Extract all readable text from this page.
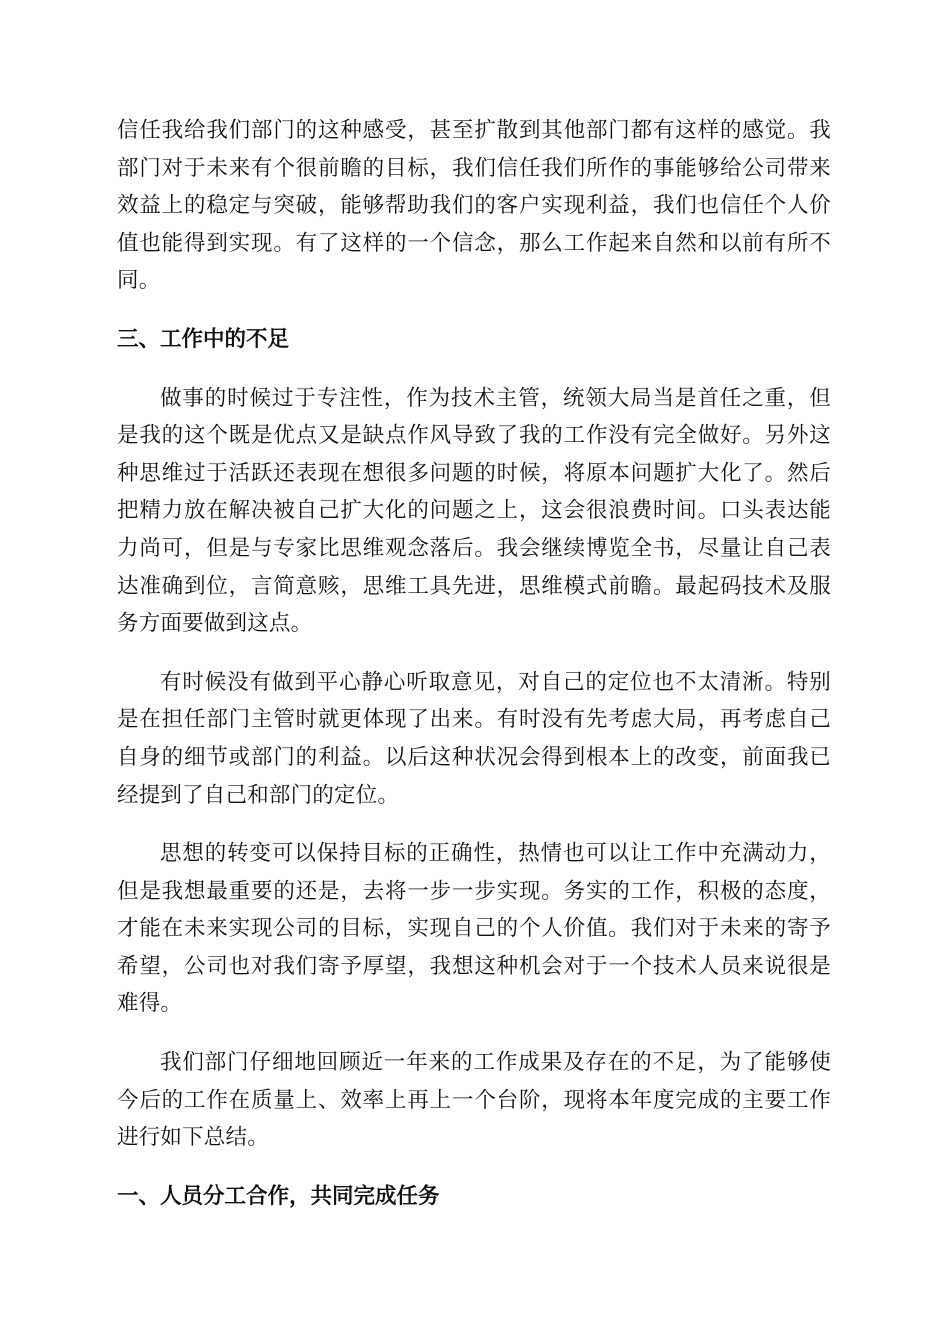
信任我给我们部门的这种感受，甚至扩散到其他部门都有这样的感觉。我部门对于未来有个很前瞻的目标，我们信任我们所作的事能够给公司带来效益上的稳定与突破，能够帮助我们的客户实现利益，我们也信任个人价值也能得到实现。有了这样的一个信念，那么工作起来自然和以前有所不同。

三、工作中的不足

做事的时候过于专注性，作为技术主管，统领大局当是首任之重，但是我的这个既是优点又是缺点作风导致了我的工作没有完全做好。另外这种思维过于活跃还表现在想很多问题的时候，将原本问题扩大化了。然后把精力放在解决被自己扩大化的问题之上，这会很浪费时间。口头表达能力尚可，但是与专家比思维观念落后。我会继续博览全书，尽量让自己表达准确到位，言简意赅，思维工具先进，思维模式前瞻。最起码技术及服务方面要做到这点。

有时候没有做到平心静心听取意见，对自己的定位也不太清淅。特别是在担任部门主管时就更体现了出来。有时没有先考虑大局，再考虑自己自身的细节或部门的利益。以后这种状况会得到根本上的改变，前面我已经提到了自己和部门的定位。

思想的转变可以保持目标的正确性，热情也可以让工作中充满动力，但是我想最重要的还是，去将一步一步实现。务实的工作，积极的态度，才能在未来实现公司的目标，实现自己的个人价值。我们对于未来的寄予希望，公司也对我们寄予厚望，我想这种机会对于一个技术人员来说很是难得。

我们部门仔细地回顾近一年来的工作成果及存在的不足，为了能够使今后的工作在质量上、效率上再上一个台阶，现将本年度完成的主要工作进行如下总结。

一、人员分工合作，共同完成任务
